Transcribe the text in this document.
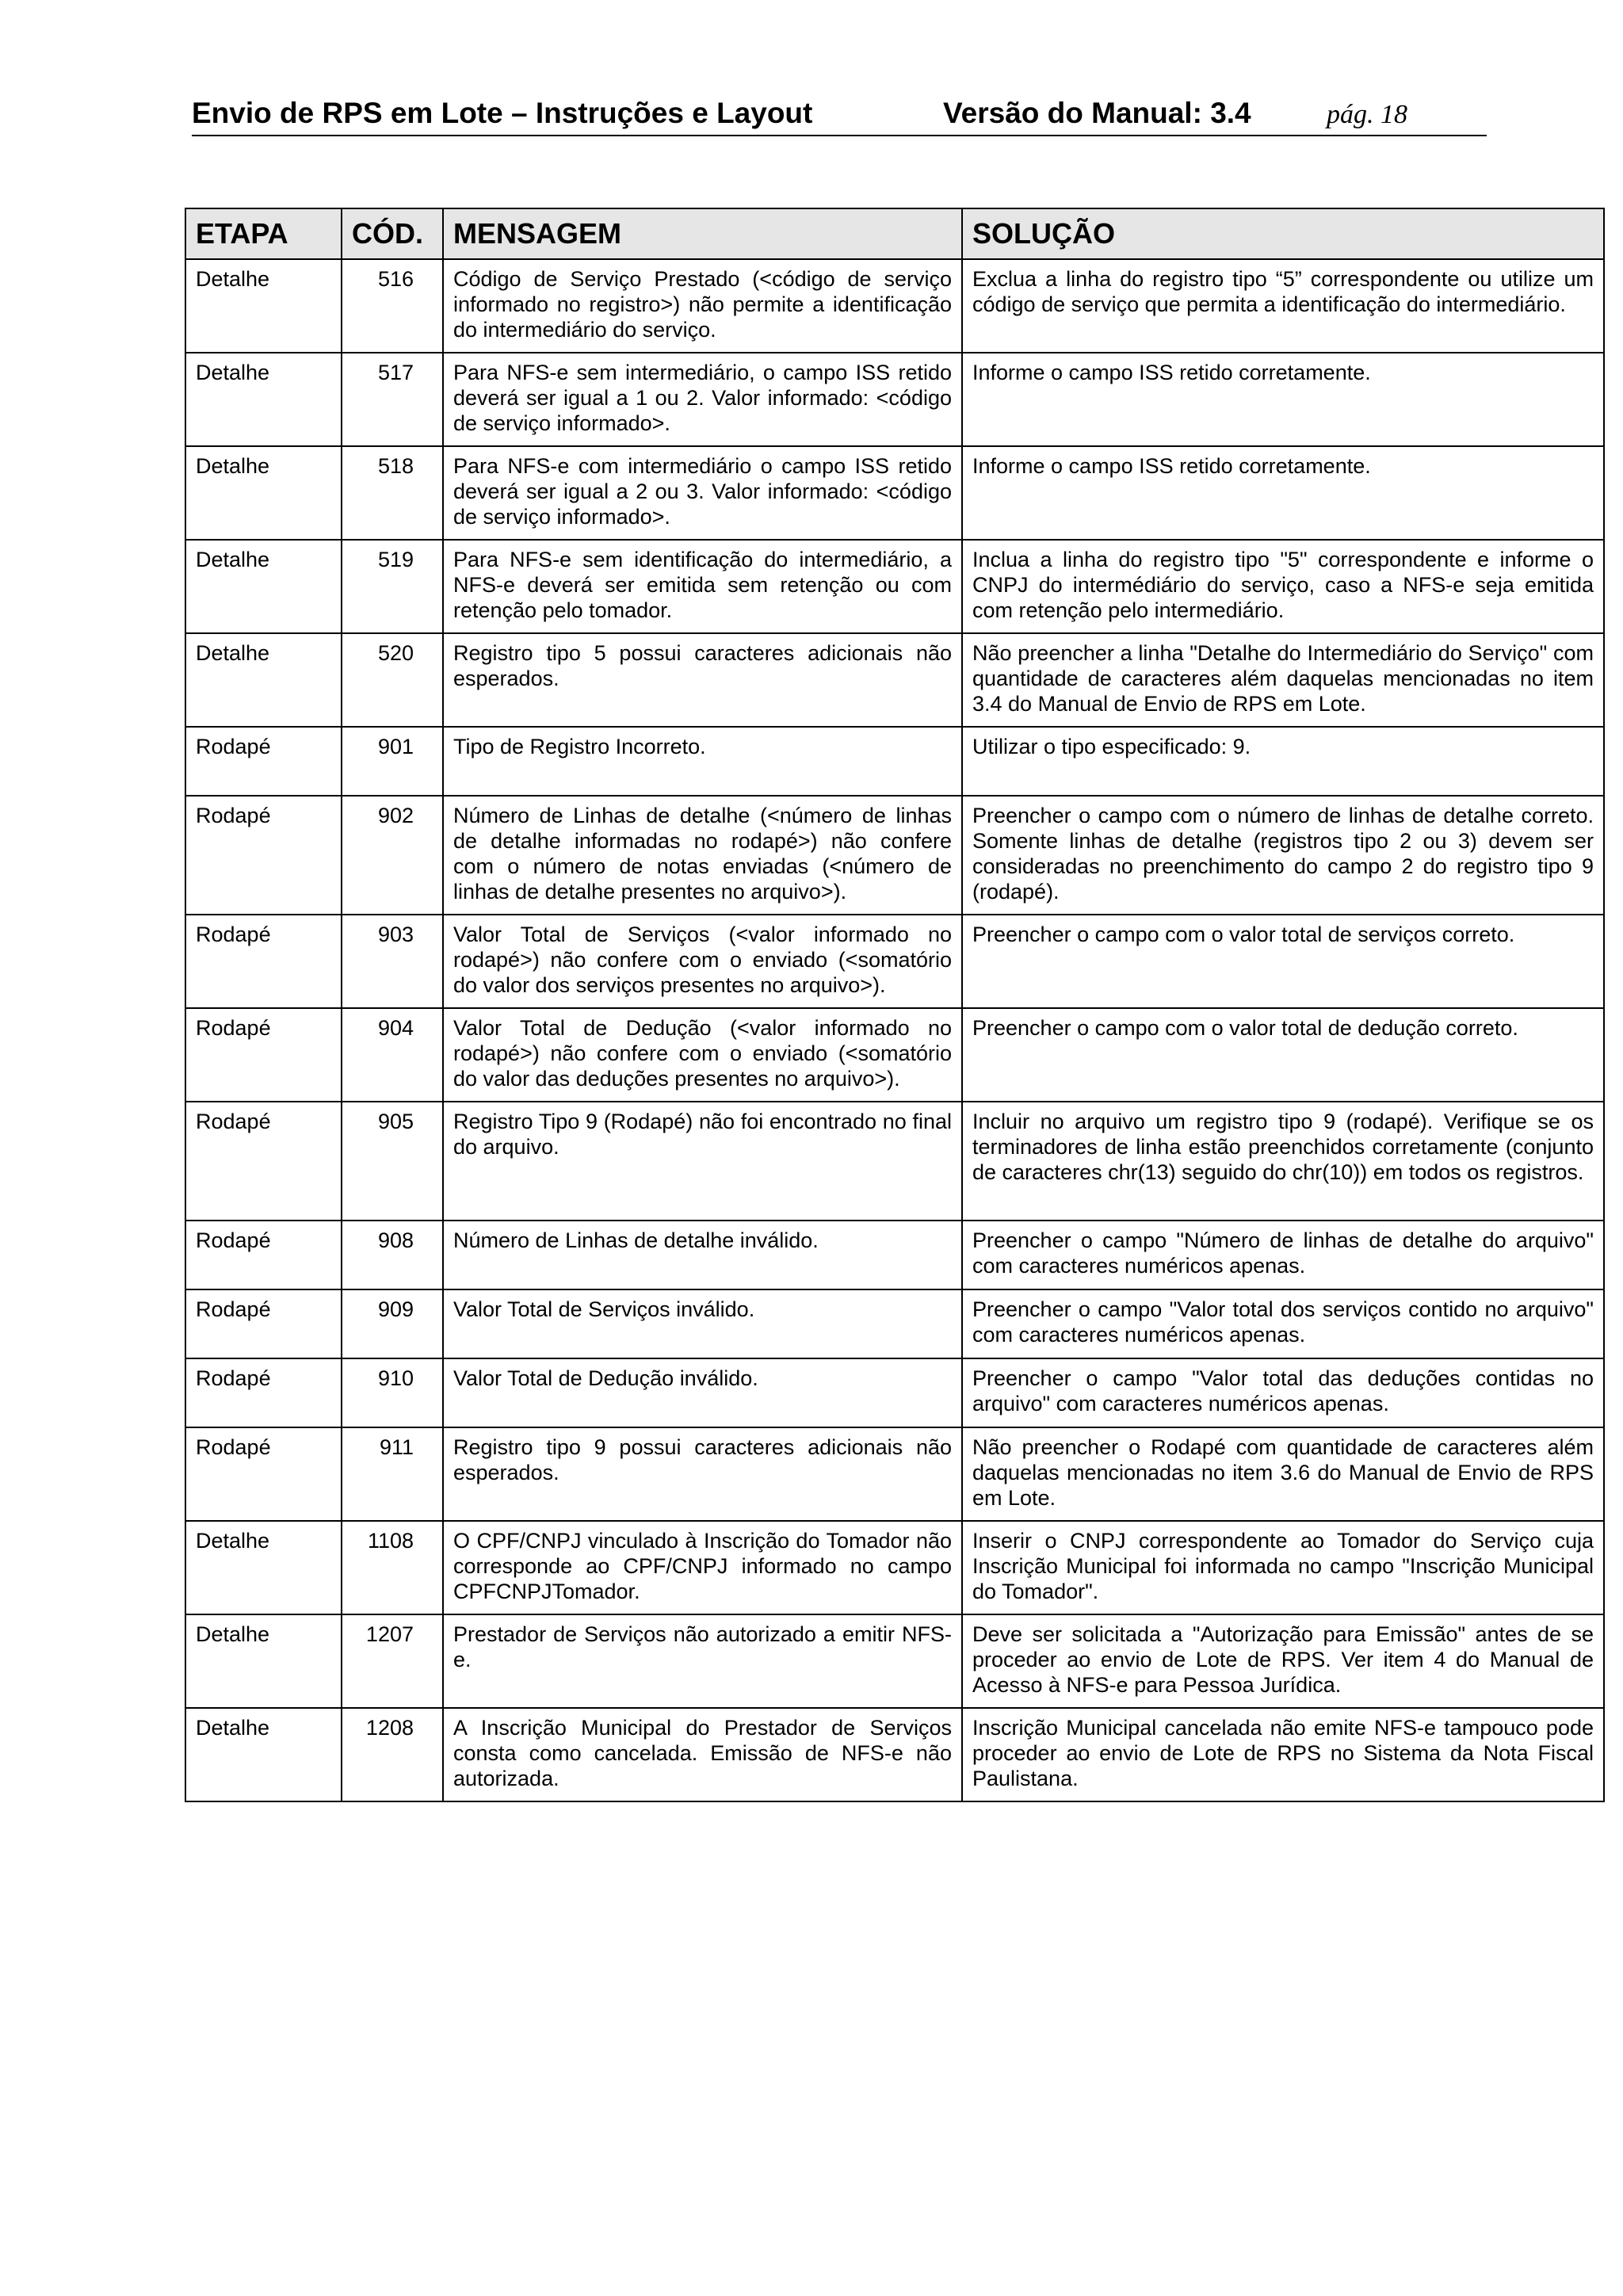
Envio de RPS em Lote – Instruções e Layout	Versão do Manual: 3.4	pág. 18
ETAPA	CÓD.	MENSAGEM	SOLUÇÃO
Detalhe	516	Código de Serviço Prestado (<código de serviço informado no registro>) não permite a identificação do intermediário do serviço.	Exclua a linha do registro tipo “5” correspondente ou utilize um código de serviço que permita a identificação do intermediário.
Detalhe	517	Para NFS-e sem intermediário, o campo ISS retido deverá ser igual a 1 ou 2. Valor informado: <código de serviço informado>.	Informe o campo ISS retido corretamente.
Detalhe	518	Para NFS-e com intermediário o campo ISS retido deverá ser igual a 2 ou 3. Valor informado: <código de serviço informado>.	Informe o campo ISS retido corretamente.
Detalhe	519	Para NFS-e sem identificação do intermediário, a NFS-e deverá ser emitida sem retenção ou com retenção pelo tomador.	Inclua a linha do registro tipo "5" correspondente e informe o CNPJ do intermédiário do serviço, caso a NFS-e seja emitida com retenção pelo intermediário.
Detalhe	520	Registro tipo 5 possui caracteres adicionais não esperados.	Não preencher a linha "Detalhe do Intermediário do Serviço" com quantidade de caracteres além daquelas mencionadas no item 3.4 do Manual de Envio de RPS em Lote.
Rodapé	901	Tipo de Registro Incorreto.	Utilizar o tipo especificado: 9.
Rodapé	902	Número de Linhas de detalhe (<número de linhas de detalhe informadas no rodapé>) não confere com o número de notas enviadas (<número de linhas de detalhe presentes no arquivo>).	Preencher o campo com o número de linhas de detalhe correto. Somente linhas de detalhe (registros tipo 2 ou 3) devem ser consideradas no preenchimento do campo 2 do registro tipo 9 (rodapé).
Rodapé	903	Valor Total de Serviços (<valor informado no rodapé>) não confere com o enviado (<somatório do valor dos serviços presentes no arquivo>).	Preencher o campo com o valor total de serviços correto.
Rodapé	904	Valor Total de Dedução (<valor informado no rodapé>) não confere com o enviado (<somatório do valor das deduções presentes no arquivo>).	Preencher o campo com o valor total de dedução correto.
Rodapé	905	Registro Tipo 9 (Rodapé) não foi encontrado no final do arquivo.	Incluir no arquivo um registro tipo 9 (rodapé). Verifique se os terminadores de linha estão preenchidos corretamente (conjunto de caracteres chr(13) seguido do chr(10)) em todos os registros.
Rodapé	908	Número de Linhas de detalhe inválido.	Preencher o campo "Número de linhas de detalhe do arquivo" com caracteres numéricos apenas.
Rodapé	909	Valor Total de Serviços inválido.	Preencher o campo "Valor total dos serviços contido no arquivo" com caracteres numéricos apenas.
Rodapé	910	Valor Total de Dedução inválido.	Preencher o campo "Valor total das deduções contidas no arquivo" com caracteres numéricos apenas.
Rodapé	911	Registro tipo 9 possui caracteres adicionais não esperados.	Não preencher o Rodapé com quantidade de caracteres além daquelas mencionadas no item 3.6 do Manual de Envio de RPS em Lote.
Detalhe	1108	O CPF/CNPJ vinculado à Inscrição do Tomador não corresponde ao CPF/CNPJ informado no campo CPFCNPJTomador.	Inserir o CNPJ correspondente ao Tomador do Serviço cuja Inscrição Municipal foi informada no campo "Inscrição Municipal do Tomador".
Detalhe	1207	Prestador de Serviços não autorizado a emitir NFS-e.	Deve ser solicitada a "Autorização para Emissão" antes de se proceder ao envio de Lote de RPS. Ver item 4 do Manual de Acesso à NFS-e para Pessoa Jurídica.
Detalhe	1208	A Inscrição Municipal do Prestador de Serviços consta como cancelada. Emissão de NFS-e não autorizada.	Inscrição Municipal cancelada não emite NFS-e tampouco pode proceder ao envio de Lote de RPS no Sistema da Nota Fiscal Paulistana.
